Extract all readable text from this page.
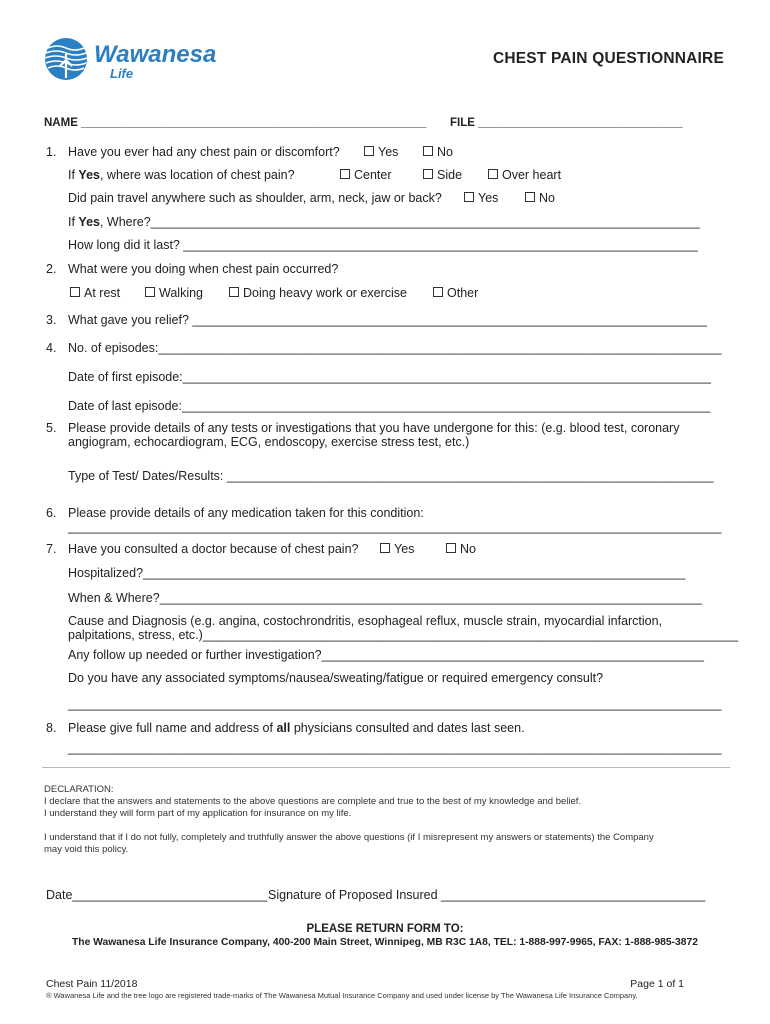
Wawanesa
Life
CHEST PAIN QUESTIONNAIRE
NAME ______________________________________________________ FILE ________________________________
1. Have you ever had any chest pain or discomfort?	Yes	No
If Yes, where was location of chest pain?	Center	Side	Over heart
Did pain travel anywhere such as shoulder, arm, neck, jaw or back?	Yes	No
If Yes, Where?_______________________________________________________________________________
How long did it last? __________________________________________________________________________
2. What were you doing when chest pain occurred?
At rest	Walking	Doing heavy work or exercise	Other
3. What gave you relief? __________________________________________________________________________
4. No. of episodes:_________________________________________________________________________________
Date of first episode:____________________________________________________________________________
Date of last episode:____________________________________________________________________________
5. Please provide details of any tests or investigations that you have undergone for this: (e.g. blood test, coronary
angiogram, echocardiogram, ECG, endoscopy, exercise stress test, etc.)
Type of Test/ Dates/Results: ______________________________________________________________________
6. Please provide details of any medication taken for this condition:
______________________________________________________________________________________________
7. Have you consulted a doctor because of chest pain?	Yes	No
Hospitalized?______________________________________________________________________________
When & Where?______________________________________________________________________________
Cause and Diagnosis (e.g. angina, costochrondritis, esophageal reflux, muscle strain, myocardial infarction,
palpitations, stress, etc.)_____________________________________________________________________________
Any follow up needed or further investigation?_______________________________________________________
Do you have any associated symptoms/nausea/sweating/fatigue or required emergency consult?
______________________________________________________________________________________________
8. Please give full name and address of all physicians consulted and dates last seen.
______________________________________________________________________________________________
DECLARATION:
I declare that the answers and statements to the above questions are complete and true to the best of my knowledge and belief.
I understand they will form part of my application for insurance on my life.
I understand that if I do not fully, completely and truthfully answer the above questions (if I misrepresent my answers or statements) the Company
may void this policy.
Date____________________________ Signature of Proposed Insured ______________________________________
PLEASE RETURN FORM TO:
The Wawanesa Life Insurance Company, 400-200 Main Street, Winnipeg, MB R3C 1A8, TEL: 1-888-997-9965, FAX: 1-888-985-3872
Chest Pain 11/2018	Page 1 of 1
® Wawanesa Life and the tree logo are registered trade-marks of The Wawanesa Mutual Insurance Company and used under license by The Wawanesa Life Insurance Company.
